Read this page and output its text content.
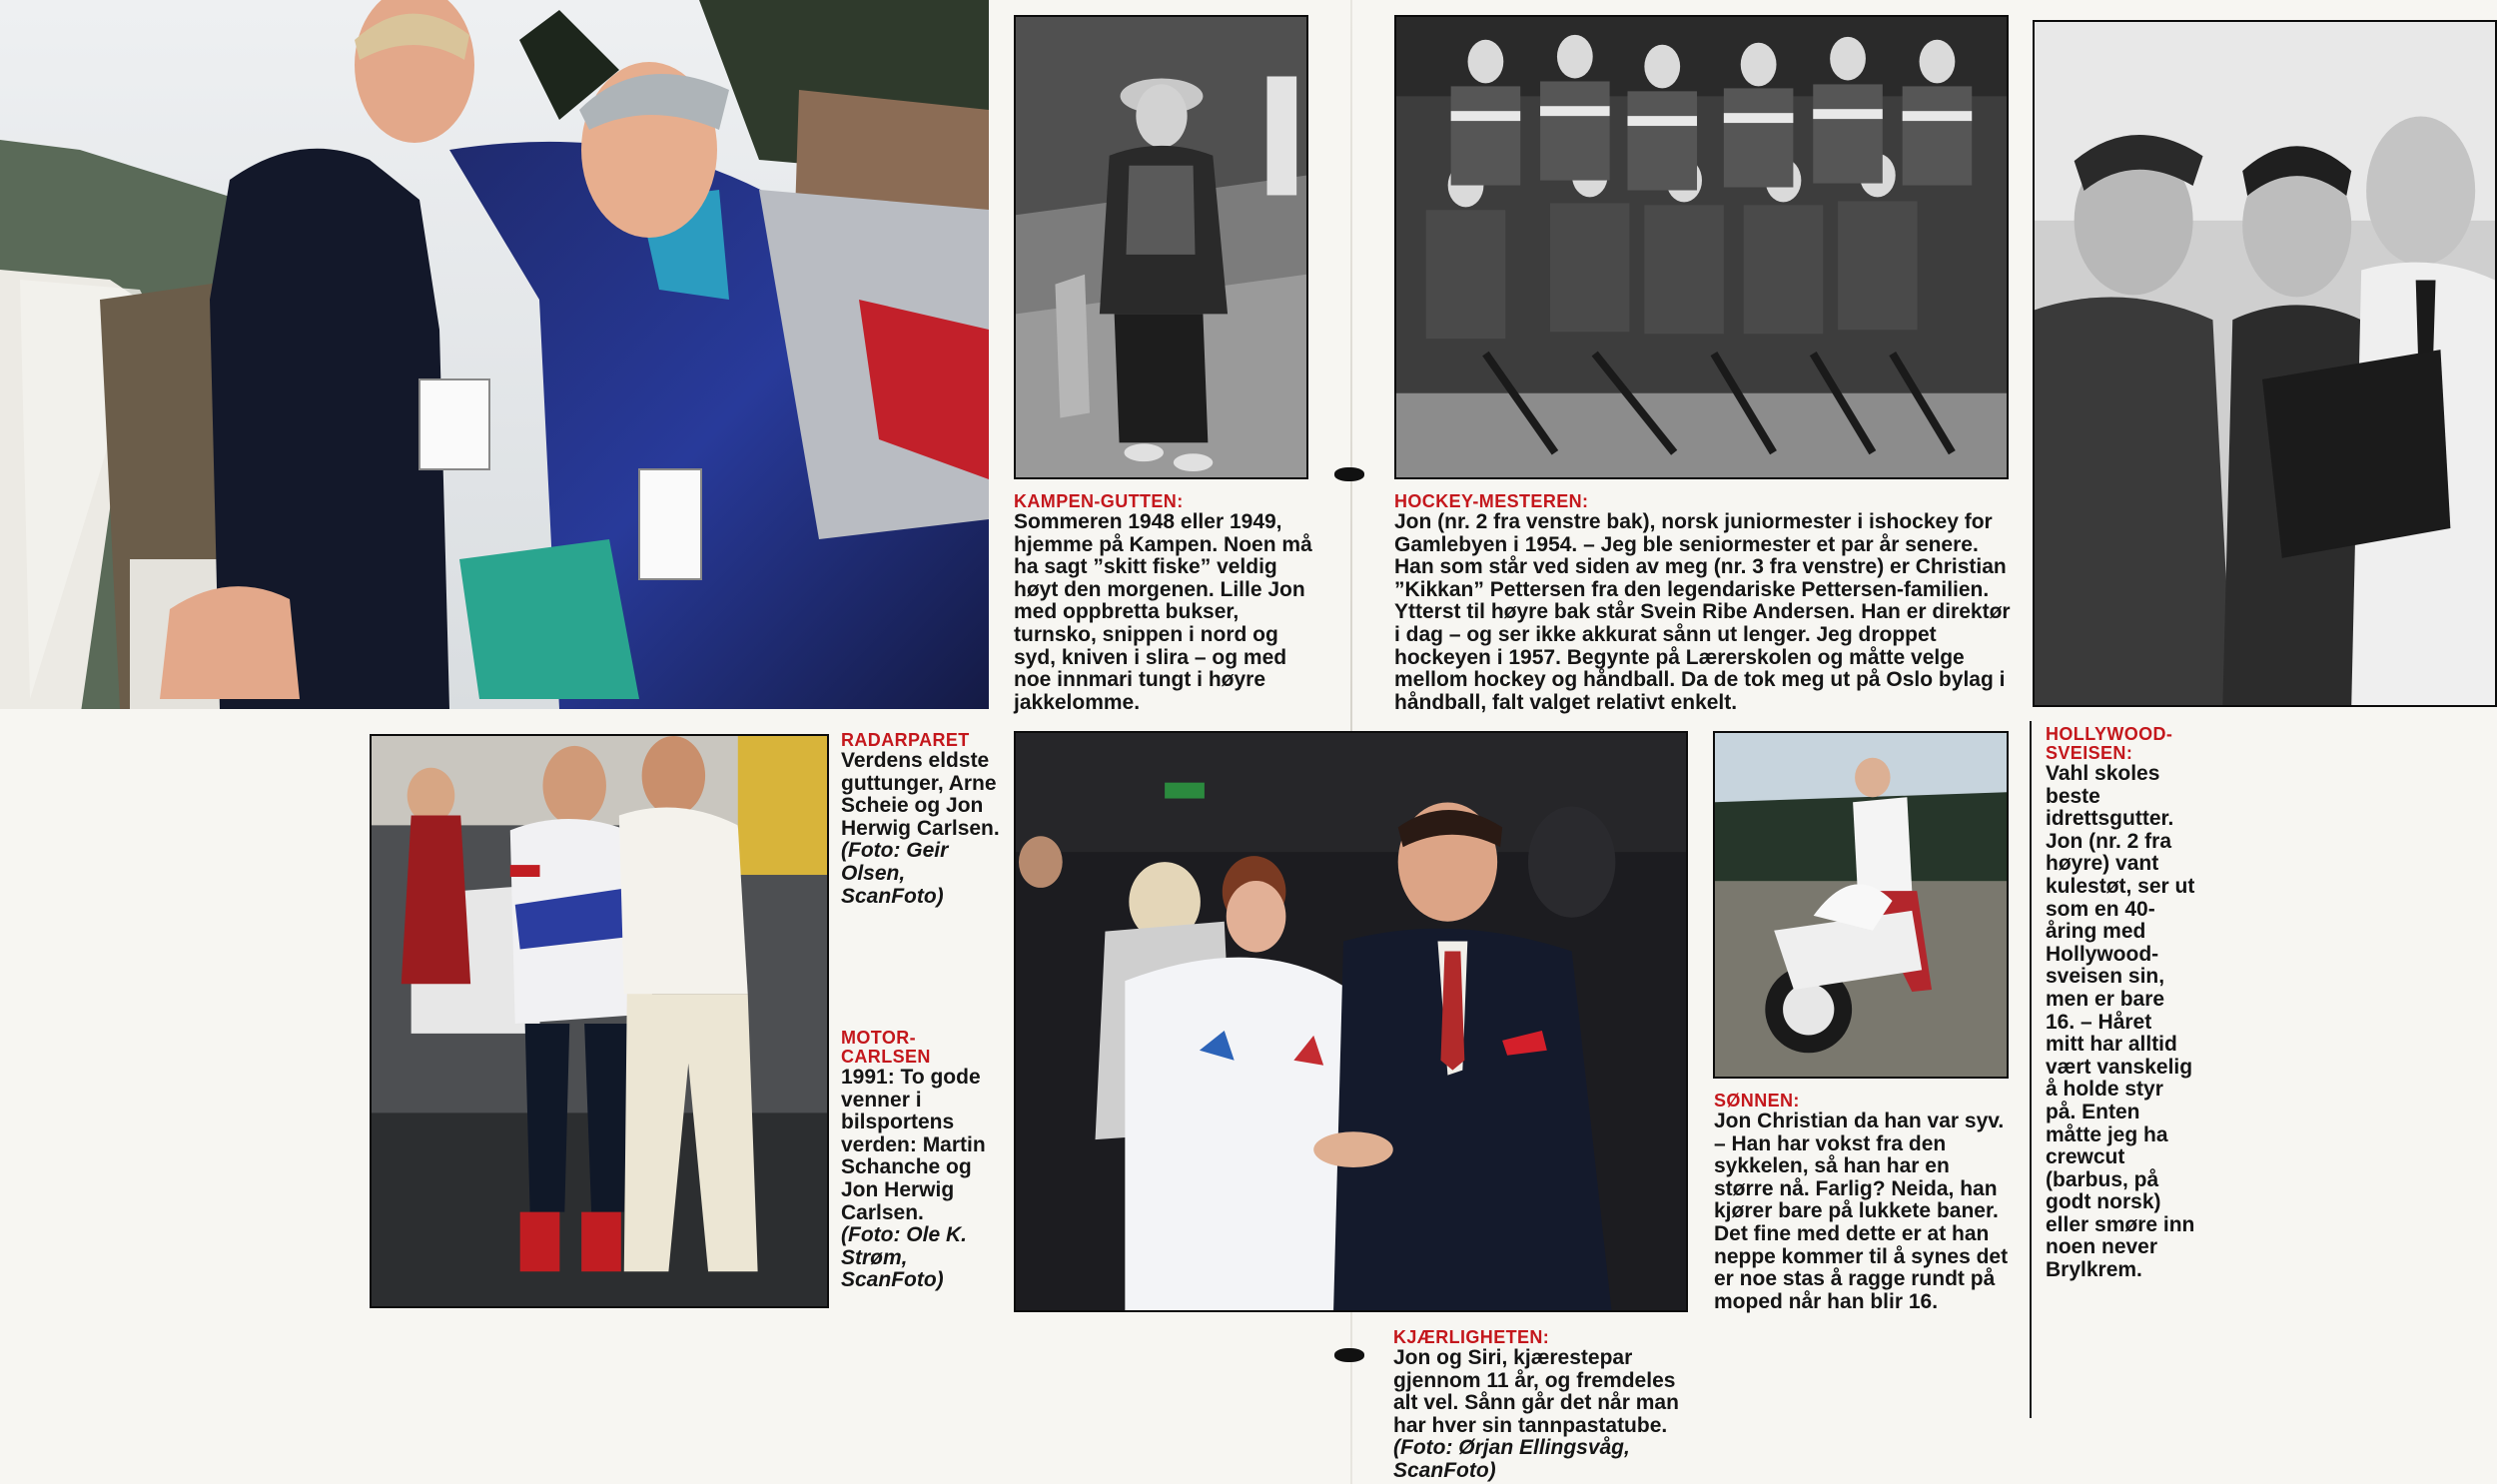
RADARPARET
Verdens eldste guttunger, Arne Scheie og Jon Herwig Carlsen.
(Foto: Geir Olsen, ScanFoto)
MOTOR-CARLSEN
1991: To gode venner i bilsportens verden: Martin Schanche og Jon Herwig Carlsen.
(Foto: Ole K. Strøm, ScanFoto)
KAMPEN-GUTTEN:
Sommeren 1948 eller 1949, hjemme på Kampen. Noen må ha sagt ”skitt fiske” veldig høyt den morgenen. Lille Jon med oppbretta bukser, turnsko, snippen i nord og syd, kniven i slira – og med noe innmari tungt i høyre jakkelomme.
HOCKEY-MESTEREN:
Jon (nr. 2 fra venstre bak), norsk juniormester i ishockey for Gamlebyen i 1954. – Jeg ble seniormester et par år senere. Han som står ved siden av meg (nr. 3 fra venstre) er Christian ”Kikkan” Pettersen fra den legendariske Pettersen-familien. Ytterst til høyre bak står Svein Ribe Andersen. Han er direktør i dag – og ser ikke akkurat sånn ut lenger. Jeg droppet hockeyen i 1957. Begynte på Lærerskolen og måtte velge mellom hockey og håndball. Da de tok meg ut på Oslo bylag i håndball, falt valget relativt enkelt.
HOLLYWOOD-SVEISEN:
Vahl skoles beste idrettsgutter. Jon (nr. 2 fra høyre) vant kulestøt, ser ut som en 40-åring med Hollywood-sveisen sin, men er bare 16. – Håret mitt har alltid vært vanskelig å holde styr på. Enten måtte jeg ha crewcut (barbus, på godt norsk) eller smøre inn noen never Brylkrem.
SØNNEN:
Jon Christian da han var syv. – Han har vokst fra den sykkelen, så han har en større nå. Farlig? Neida, han kjører bare på lukkete baner. Det fine med dette er at han neppe kommer til å synes det er noe stas å ragge rundt på moped når han blir 16.
KJÆRLIGHETEN:
Jon og Siri, kjærestepar gjennom 11 år, og fremdeles alt vel. Sånn går det når man har hver sin tannpastatube.
(Foto: Ørjan Ellingsvåg, ScanFoto)
